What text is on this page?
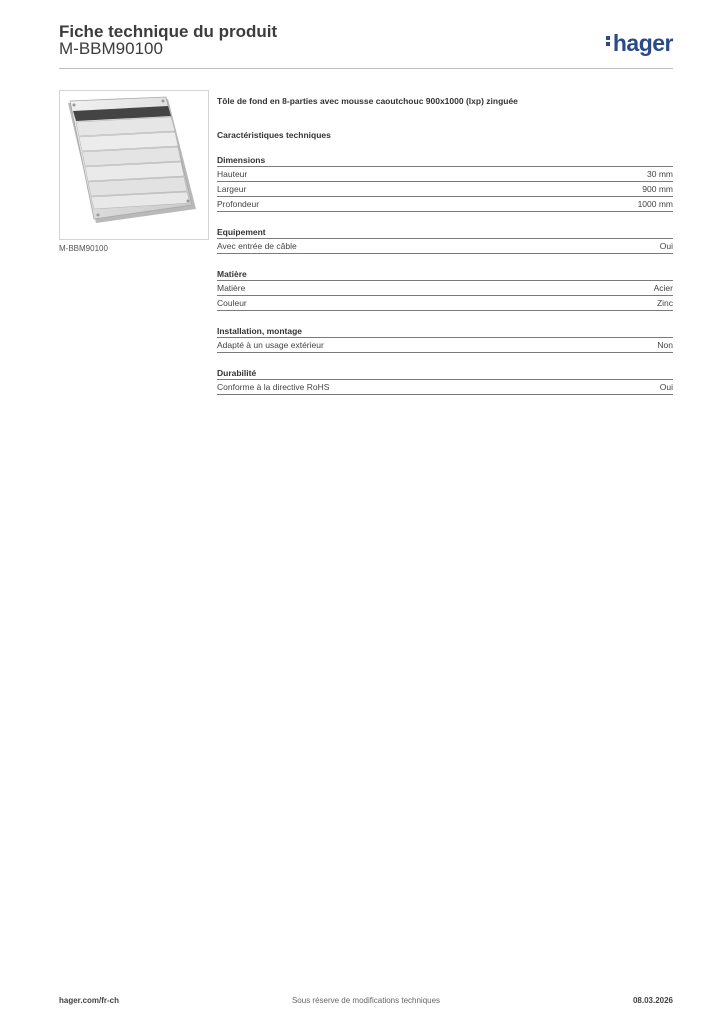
Fiche technique du produit
M-BBM90100	hager
M-BBM90100
Tôle de fond en 8-parties avec mousse caoutchouc 900x1000 (lxp) zinguée
Caractéristiques techniques
Dimensions
Hauteur	30 mm
Largeur	900 mm
Profondeur	1000 mm
Equipement
Avec entrée de câble	Oui
Matière
Matière	Acier
Couleur	Zinc
Installation, montage
Adapté à un usage extérieur	Non
Durabilité
Conforme à la directive RoHS	Oui
hager.com/fr-ch	Sous réserve de modifications techniques	08.03.2026
